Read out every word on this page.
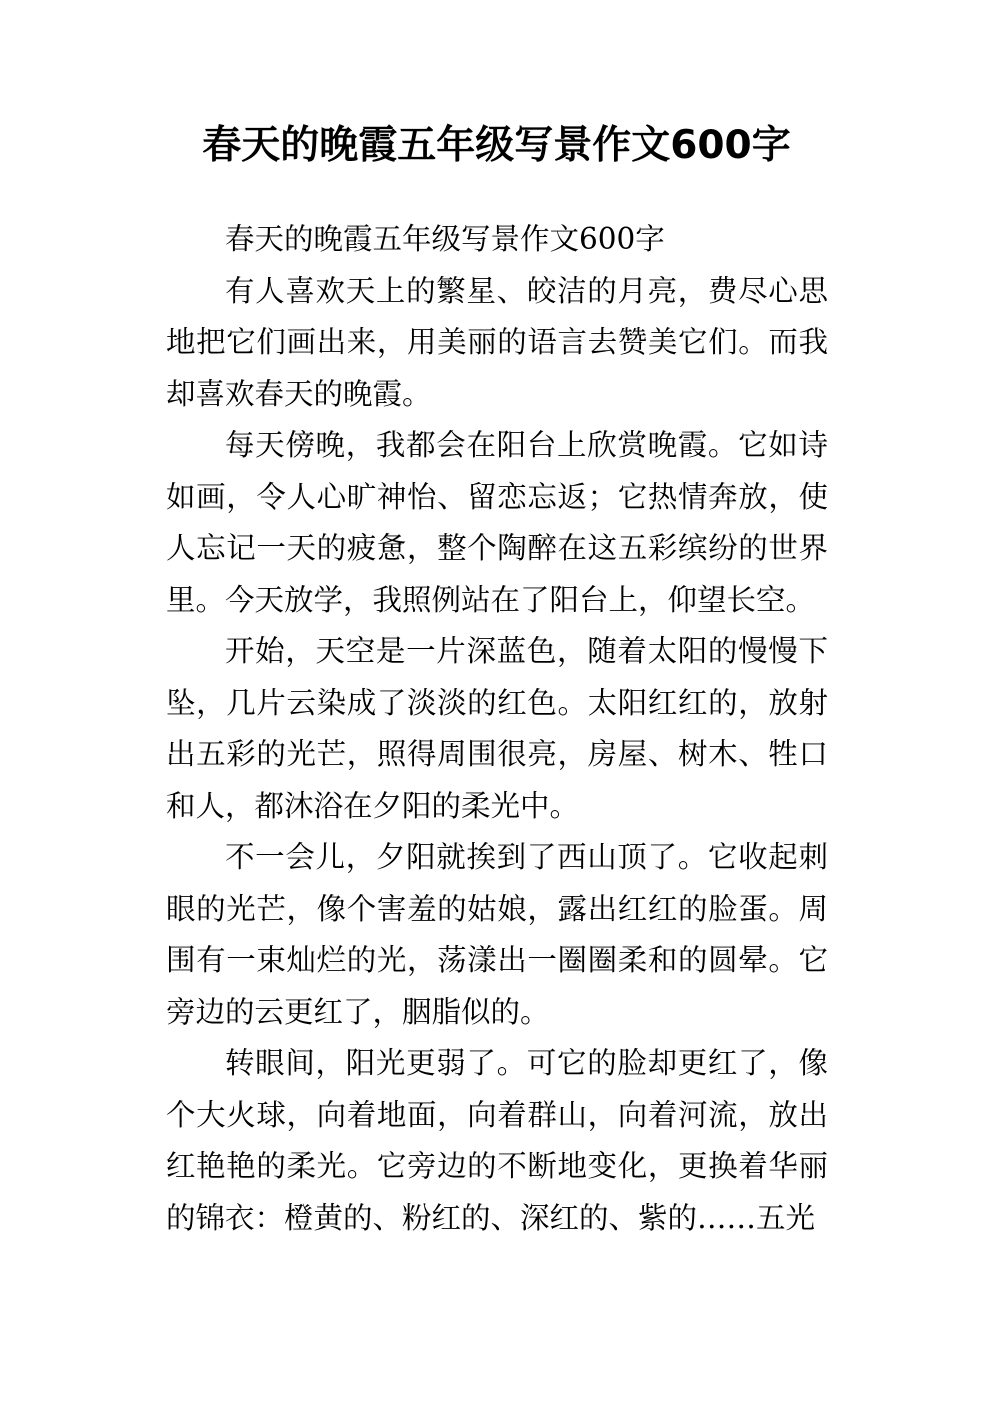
春天的晚霞五年级写景作文600字

春天的晚霞五年级写景作文600字

有人喜欢天上的繁星、皎洁的月亮，费尽心思地把它们画出来，用美丽的语言去赞美它们。而我却喜欢春天的晚霞。

每天傍晚，我都会在阳台上欣赏晚霞。它如诗如画，令人心旷神怡、留恋忘返；它热情奔放，使人忘记一天的疲惫，整个陶醉在这五彩缤纷的世界里。今天放学，我照例站在了阳台上，仰望长空。

开始，天空是一片深蓝色，随着太阳的慢慢下坠，几片云染成了淡淡的红色。太阳红红的，放射出五彩的光芒，照得周围很亮，房屋、树木、牲口和人，都沐浴在夕阳的柔光中。

不一会儿，夕阳就挨到了西山顶了。它收起刺眼的光芒，像个害羞的姑娘，露出红红的脸蛋。周围有一束灿烂的光，荡漾出一圈圈柔和的圆晕。它旁边的云更红了，胭脂似的。

转眼间，阳光更弱了。可它的脸却更红了，像个大火球，向着地面，向着群山，向着河流，放出红艳艳的柔光。它旁边的不断地变化，更换着华丽的锦衣：橙黄的、粉红的、深红的、紫的……五光
